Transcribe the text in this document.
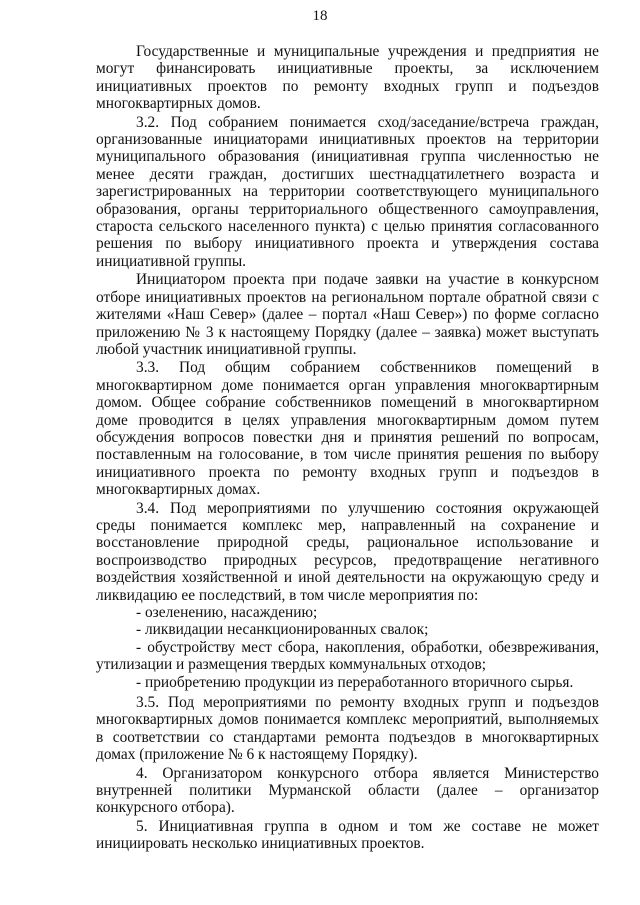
18

Государственные и муниципальные учреждения и предприятия не могут финансировать инициативные проекты, за исключением инициативных проектов по ремонту входных групп и подъездов многоквартирных домов.

3.2. Под собранием понимается сход/заседание/встреча граждан, организованные инициаторами инициативных проектов на территории муниципального образования (инициативная группа численностью не менее десяти граждан, достигших шестнадцатилетнего возраста и зарегистрированных на территории соответствующего муниципального образования, органы территориального общественного самоуправления, староста сельского населенного пункта) с целью принятия согласованного решения по выбору инициативного проекта и утверждения состава инициативной группы.

Инициатором проекта при подаче заявки на участие в конкурсном отборе инициативных проектов на региональном портале обратной связи с жителями «Наш Север» (далее – портал «Наш Север») по форме согласно приложению № 3 к настоящему Порядку (далее – заявка) может выступать любой участник инициативной группы.

3.3. Под общим собранием собственников помещений в многоквартирном доме понимается орган управления многоквартирным домом. Общее собрание собственников помещений в многоквартирном доме проводится в целях управления многоквартирным домом путем обсуждения вопросов повестки дня и принятия решений по вопросам, поставленным на голосование, в том числе принятия решения по выбору инициативного проекта по ремонту входных групп и подъездов в многоквартирных домах.

3.4. Под мероприятиями по улучшению состояния окружающей среды понимается комплекс мер, направленный на сохранение и восстановление природной среды, рациональное использование и воспроизводство природных ресурсов, предотвращение негативного воздействия хозяйственной и иной деятельности на окружающую среду и ликвидацию ее последствий, в том числе мероприятия по:

- озеленению, насаждению;

- ликвидации несанкционированных свалок;

- обустройству мест сбора, накопления, обработки, обезвреживания, утилизации и размещения твердых коммунальных отходов;

- приобретению продукции из переработанного вторичного сырья.

3.5. Под мероприятиями по ремонту входных групп и подъездов многоквартирных домов понимается комплекс мероприятий, выполняемых в соответствии со стандартами ремонта подъездов в многоквартирных домах (приложение № 6 к настоящему Порядку).

4. Организатором конкурсного отбора является Министерство внутренней политики Мурманской области (далее – организатор конкурсного отбора).

5. Инициативная группа в одном и том же составе не может инициировать несколько инициативных проектов.
